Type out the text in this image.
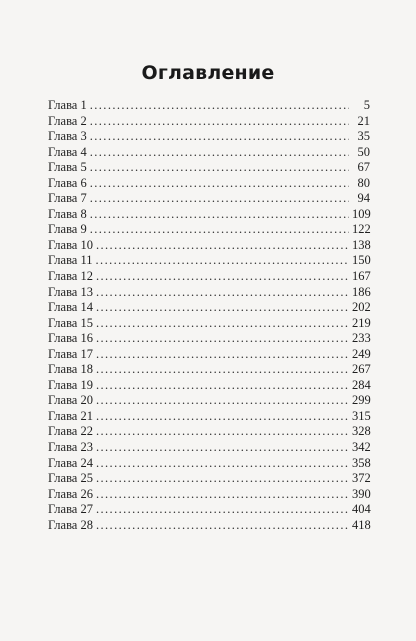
Оглавление
Глава 1 .....	5
Глава 2 .....	21
Глава 3 .....	35
Глава 4 .....	50
Глава 5 .....	67
Глава 6 .....	80
Глава 7 .....	94
Глава 8 .....	109
Глава 9 .....	122
Глава 10 .....	138
Глава 11 .....	150
Глава 12 .....	167
Глава 13 .....	186
Глава 14 .....	202
Глава 15 .....	219
Глава 16 .....	233
Глава 17 .....	249
Глава 18 .....	267
Глава 19 .....	284
Глава 20 .....	299
Глава 21 .....	315
Глава 22 .....	328
Глава 23 .....	342
Глава 24 .....	358
Глава 25 .....	372
Глава 26 .....	390
Глава 27 .....	404
Глава 28 .....	418
